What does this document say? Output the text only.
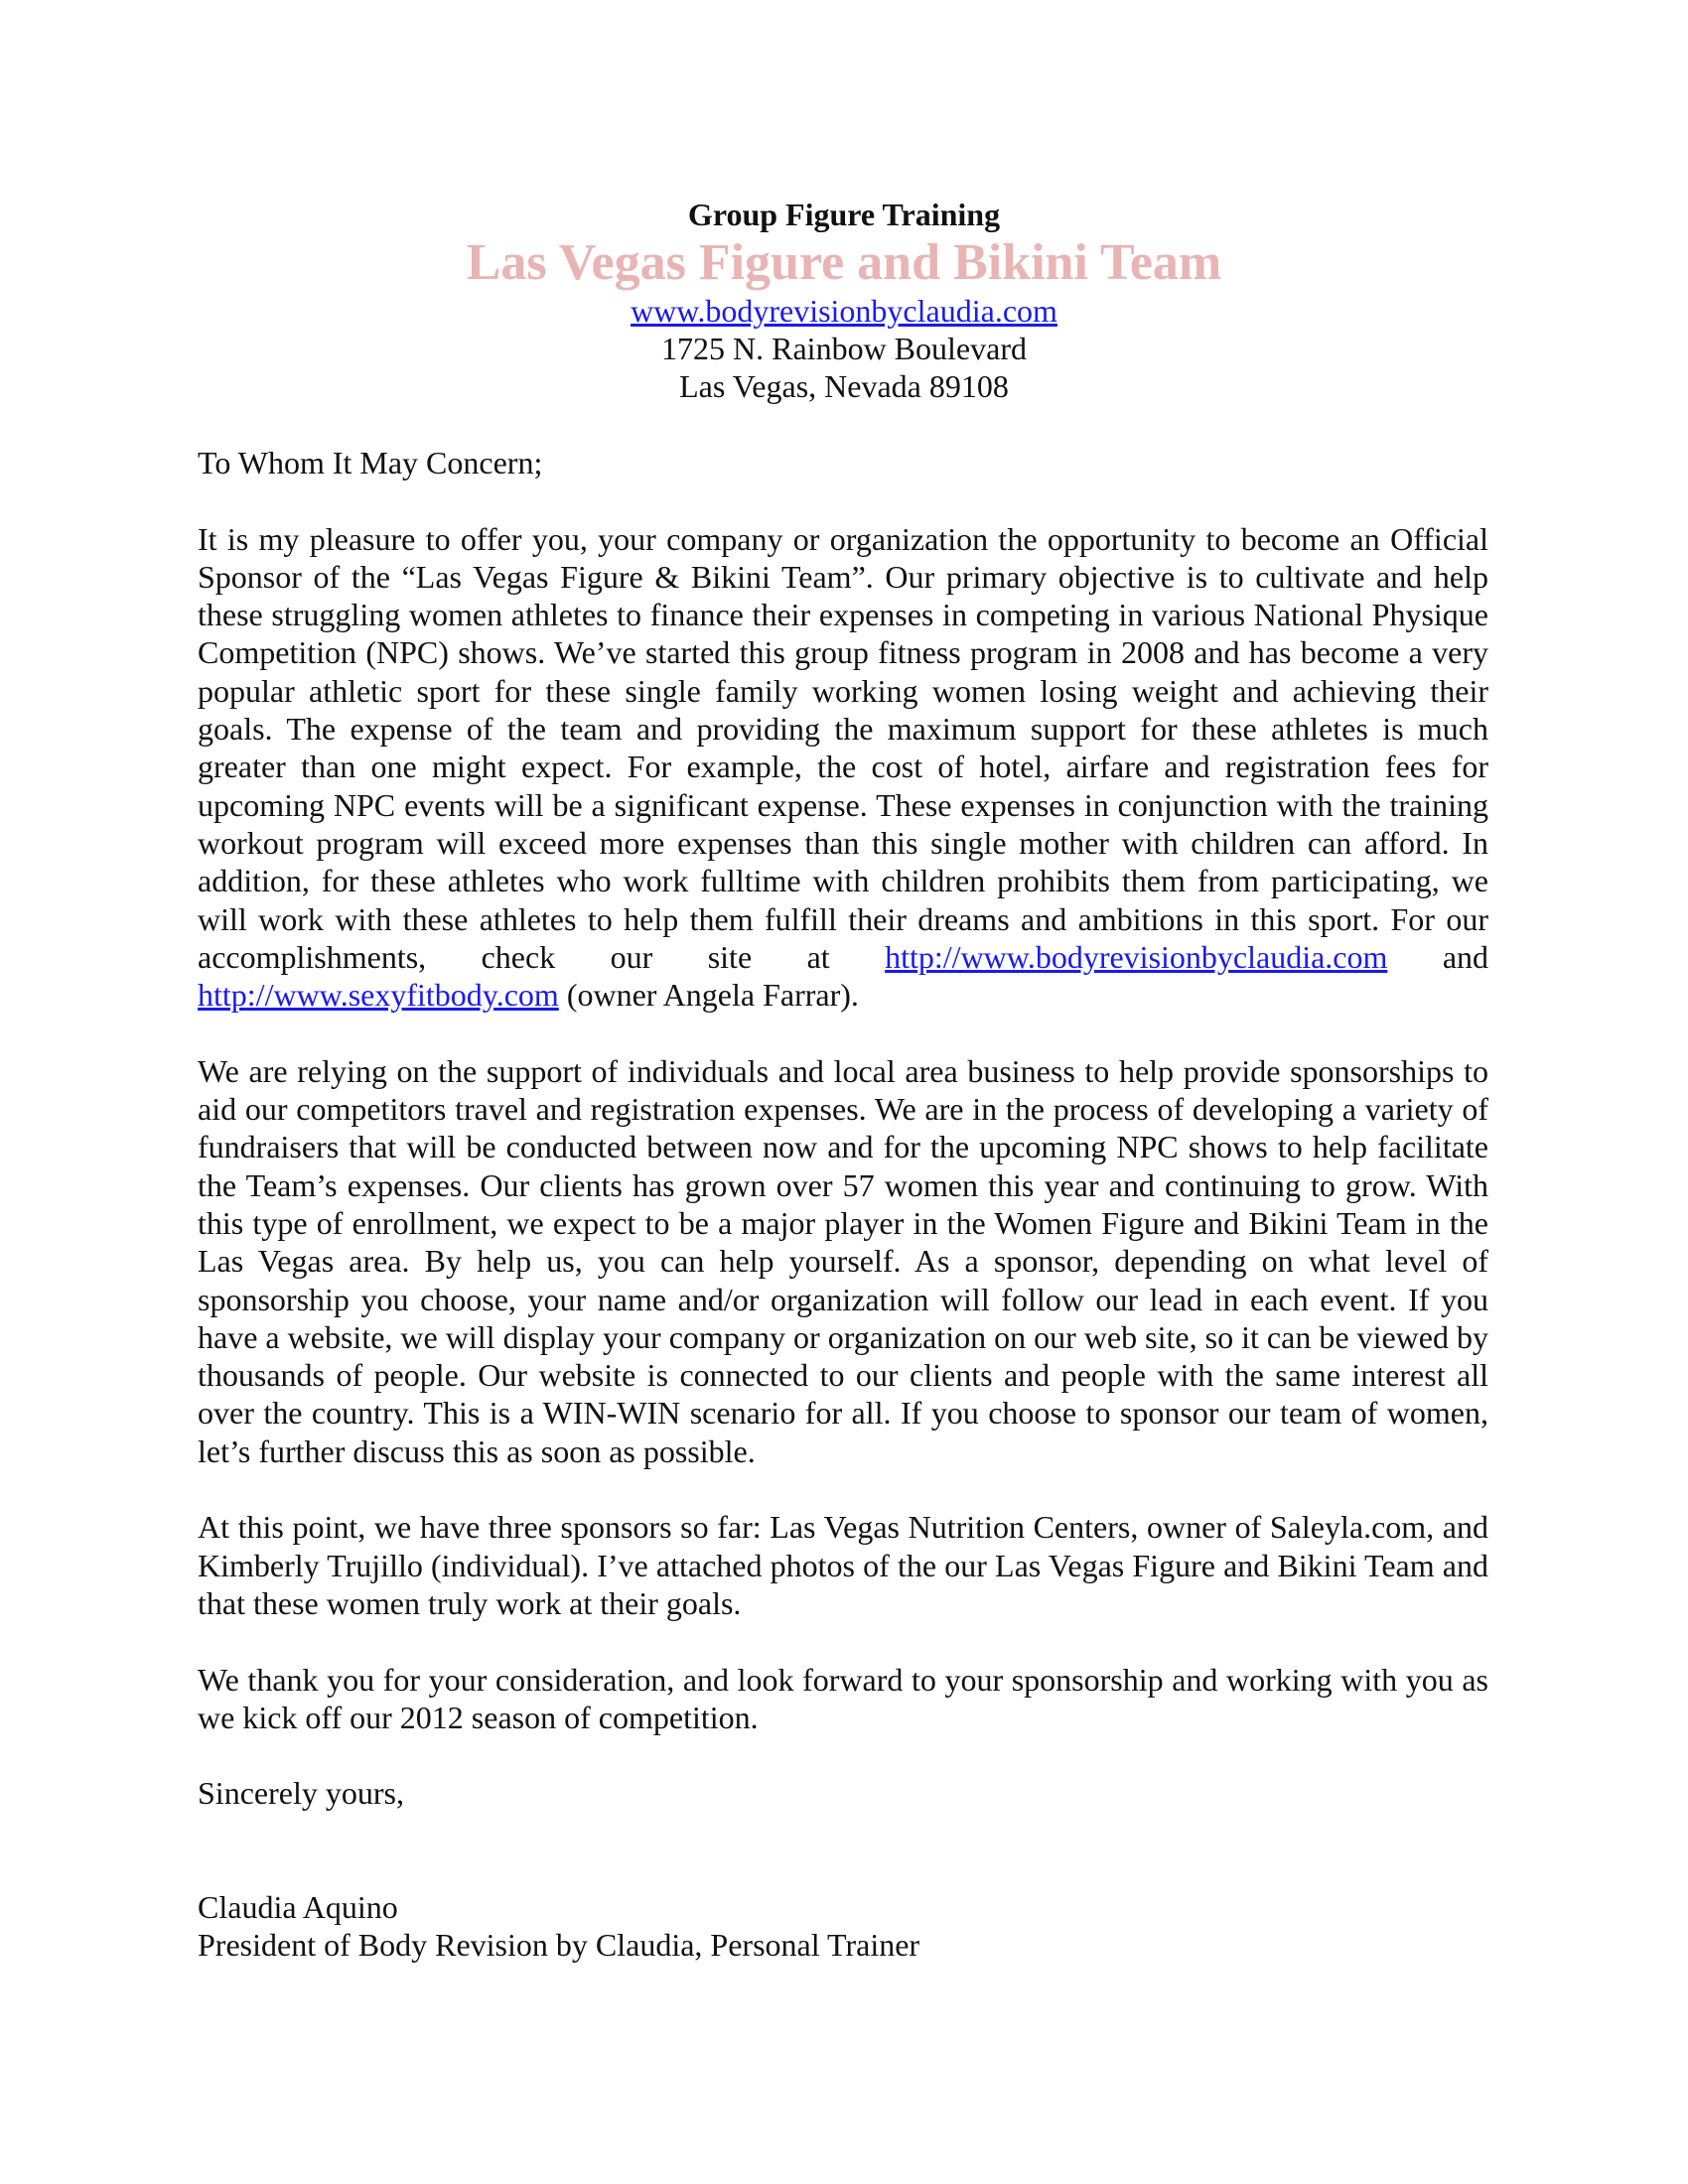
Group Figure Training

Las Vegas Figure and Bikini Team

www.bodyrevisionbyclaudia.com

1725 N. Rainbow Boulevard

Las Vegas, Nevada 89108

To Whom It May Concern;

It is my pleasure to offer you, your company or organization the opportunity to become an Official Sponsor of the “Las Vegas Figure & Bikini Team”. Our primary objective is to cultivate and help these struggling women athletes to finance their expenses in competing in various National Physique Competition (NPC) shows. We’ve started this group fitness program in 2008 and has become a very popular athletic sport for these single family working women losing weight and achieving their goals. The expense of the team and providing the maximum support for these athletes is much greater than one might expect. For example, the cost of hotel, airfare and registration fees for upcoming NPC events will be a significant expense. These expenses in conjunction with the training workout program will exceed more expenses than this single mother with children can afford. In addition, for these athletes who work fulltime with children prohibits them from participating, we will work with these athletes to help them fulfill their dreams and ambitions in this sport. For our accomplishments, check our site at http://www.bodyrevisionbyclaudia.com and http://www.sexyfitbody.com (owner Angela Farrar).

We are relying on the support of individuals and local area business to help provide sponsorships to aid our competitors travel and registration expenses. We are in the process of developing a variety of fundraisers that will be conducted between now and for the upcoming NPC shows to help facilitate the Team’s expenses. Our clients has grown over 57 women this year and continuing to grow. With this type of enrollment, we expect to be a major player in the Women Figure and Bikini Team in the Las Vegas area. By help us, you can help yourself. As a sponsor, depending on what level of sponsorship you choose, your name and/or organization will follow our lead in each event. If you have a website, we will display your company or organization on our web site, so it can be viewed by thousands of people. Our website is connected to our clients and people with the same interest all over the country. This is a WIN-WIN scenario for all. If you choose to sponsor our team of women, let’s further discuss this as soon as possible.

At this point, we have three sponsors so far: Las Vegas Nutrition Centers, owner of Saleyla.com, and Kimberly Trujillo (individual). I’ve attached photos of the our Las Vegas Figure and Bikini Team and that these women truly work at their goals.

We thank you for your consideration, and look forward to your sponsorship and working with you as we kick off our 2012 season of competition.

Sincerely yours,

Claudia Aquino

President of Body Revision by Claudia, Personal Trainer
